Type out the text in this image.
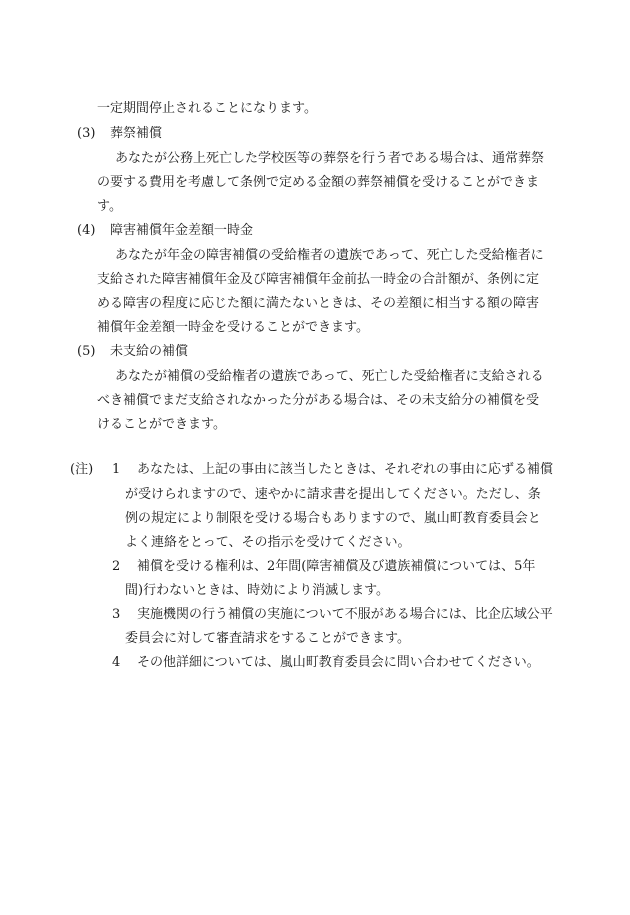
一定期間停止されることになります。
(3) 葬祭補償
あなたが公務上死亡した学校医等の葬祭を行う者である場合は、通常葬祭
の要する費用を考慮して条例で定める金額の葬祭補償を受けることができま
す。
(4) 障害補償年金差額一時金
あなたが年金の障害補償の受給権者の遺族であって、死亡した受給権者に
支給された障害補償年金及び障害補償年金前払一時金の合計額が、条例に定
める障害の程度に応じた額に満たないときは、その差額に相当する額の障害
補償年金差額一時金を受けることができます。
(5) 未支給の補償
あなたが補償の受給権者の遺族であって、死亡した受給権者に支給される
べき補償でまだ支給されなかった分がある場合は、その未支給分の補償を受
けることができます。
(注) 1 あなたは、上記の事由に該当したときは、それぞれの事由に応ずる補償
が受けられますので、速やかに請求書を提出してください。ただし、条
例の規定により制限を受ける場合もありますので、嵐山町教育委員会と
よく連絡をとって、その指示を受けてください。
2 補償を受ける権利は、2年間(障害補償及び遺族補償については、5年
間)行わないときは、時効により消滅します。
3 実施機関の行う補償の実施について不服がある場合には、比企広域公平
委員会に対して審査請求をすることができます。
4 その他詳細については、嵐山町教育委員会に問い合わせてください。
